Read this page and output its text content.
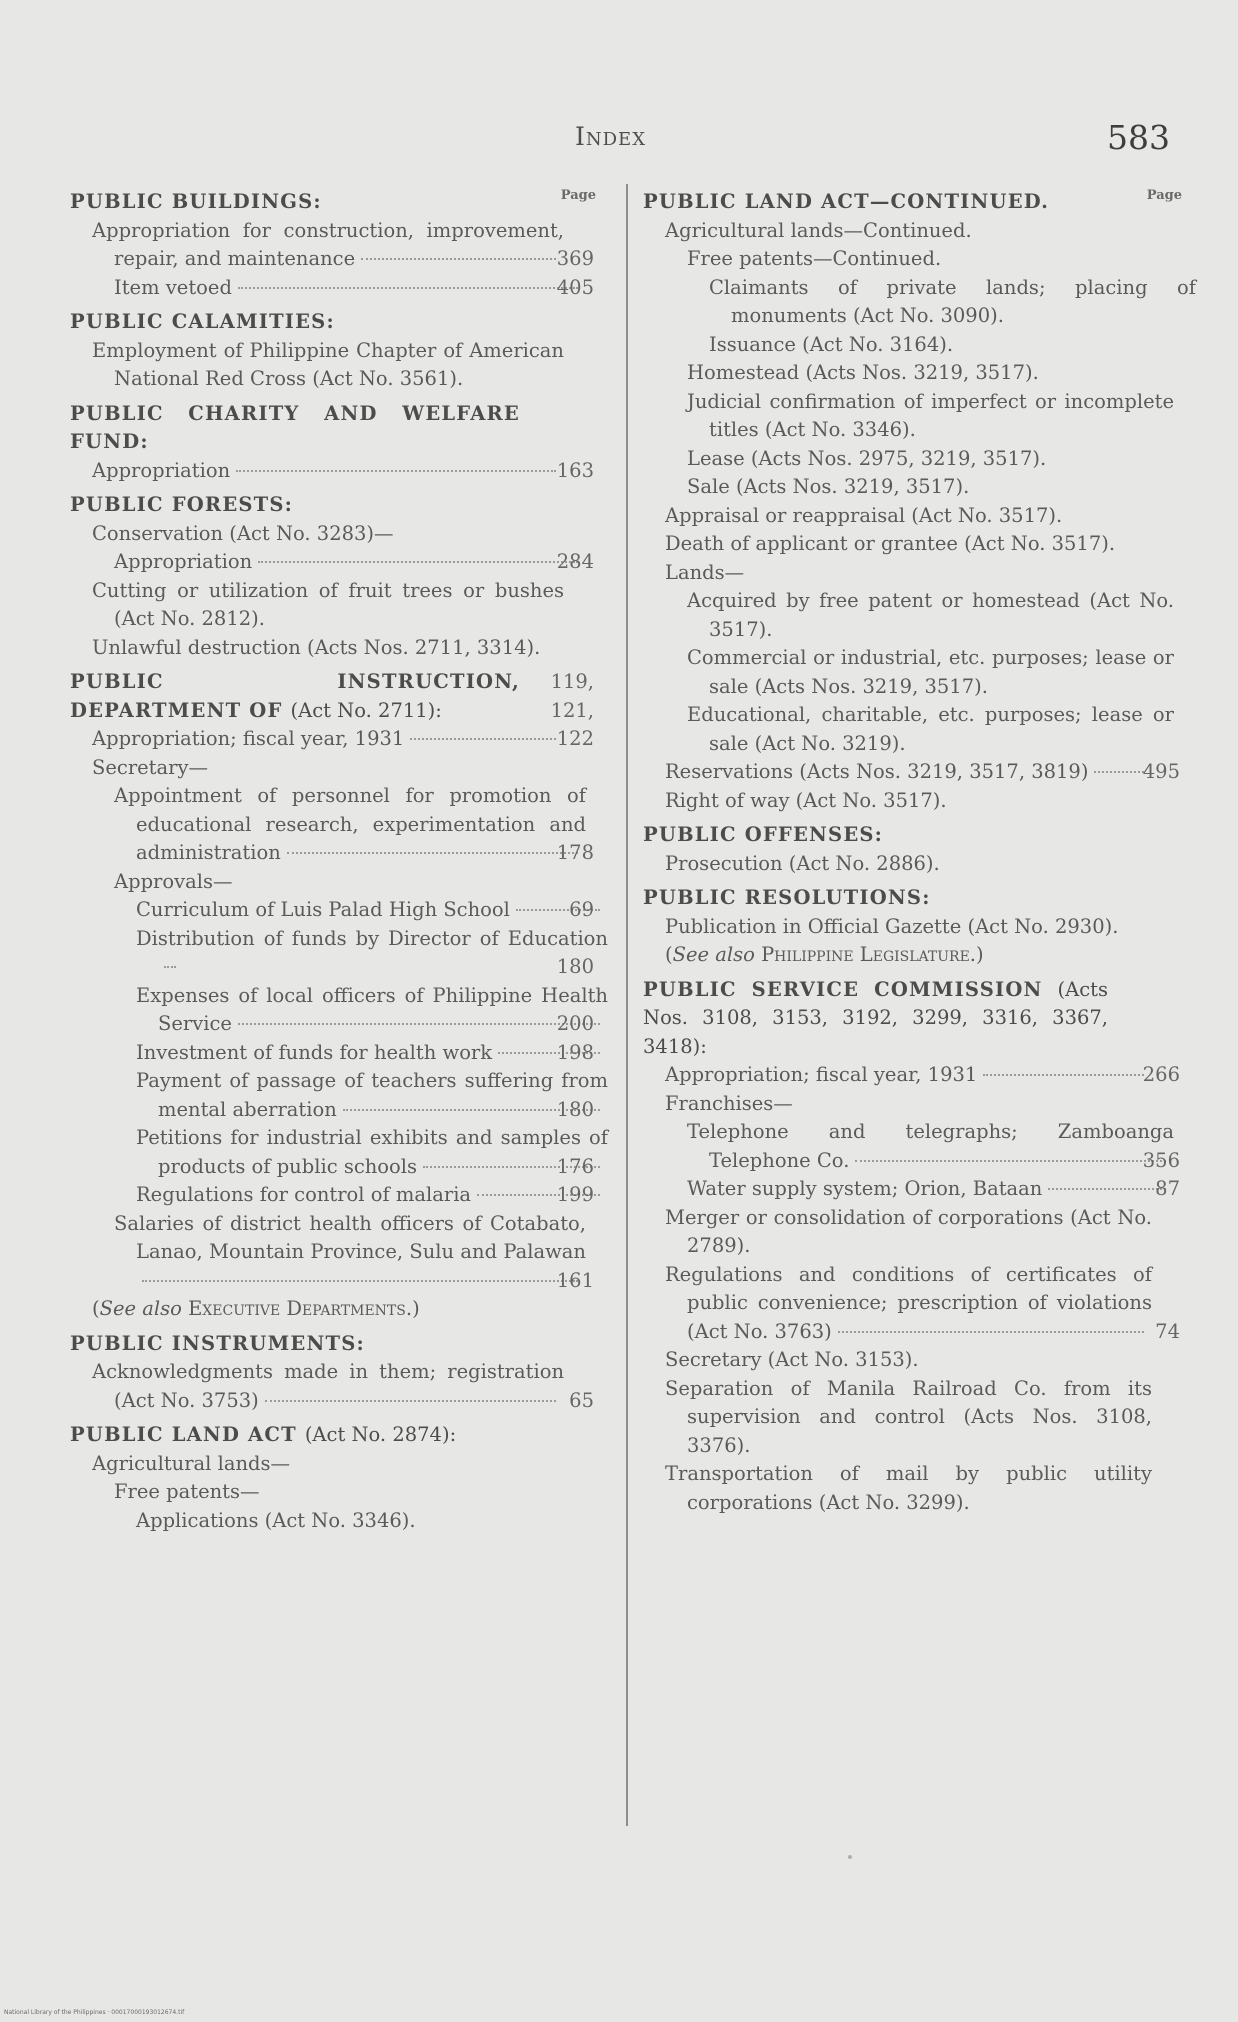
Index	583
Page
PUBLIC BUILDINGS:
369
Appropriation for construction, improvement, repair, and maintenance
405
Item vetoed
PUBLIC CALAMITIES:
Employment of Philippine Chapter of American National Red Cross (Act No. 3561).
PUBLIC CHARITY AND WELFARE FUND:
163
Appropriation
PUBLIC FORESTS:
Conservation (Act No. 3283)—
284
Appropriation
Cutting or utilization of fruit trees or bushes (Act No. 2812).
Unlawful destruction (Acts Nos. 2711, 3314).
PUBLIC INSTRUCTION, DEPARTMENT OF (Act No. 2711):
119, 121, 122
Appropriation; fiscal year, 1931
Secretary—
178
Appointment of personnel for promotion of educational research, experimentation and administration
Approvals—
69
Curriculum of Luis Palad High School
180
Distribution of funds by Director of Education
200
Expenses of local officers of Philippine Health Service
198
Investment of funds for health work
180
Payment of passage of teachers suffering from mental aberration
176
Petitions for industrial exhibits and samples of products of public schools
199
Regulations for control of malaria
161
Salaries of district health officers of Cotabato, Lanao, Mountain Province, Sulu and Palawan
(See also Executive Departments.)
PUBLIC INSTRUMENTS:
65
Acknowledgments made in them; registration (Act No. 3753)
PUBLIC LAND ACT (Act No. 2874):
Agricultural lands—
Free patents—
Applications (Act No. 3346).
Page
PUBLIC LAND ACT—CONTINUED.
Agricultural lands—Continued.
Free patents—Continued.
Claimants of private lands; placing of monuments (Act No. 3090).
Issuance (Act No. 3164).
Homestead (Acts Nos. 3219, 3517).
Judicial confirmation of imperfect or incomplete titles (Act No. 3346).
Lease (Acts Nos. 2975, 3219, 3517).
Sale (Acts Nos. 3219, 3517).
Appraisal or reappraisal (Act No. 3517).
Death of applicant or grantee (Act No. 3517).
Lands—
Acquired by free patent or homestead (Act No. 3517).
Commercial or industrial, etc. purposes; lease or sale (Acts Nos. 3219, 3517).
Educational, charitable, etc. purposes; lease or sale (Act No. 3219).
495
Reservations (Acts Nos. 3219, 3517, 3819)
Right of way (Act No. 3517).
PUBLIC OFFENSES:
Prosecution (Act No. 2886).
PUBLIC RESOLUTIONS:
Publication in Official Gazette (Act No. 2930).
(See also Philippine Legislature.)
PUBLIC SERVICE COMMISSION (Acts Nos. 3108, 3153, 3192, 3299, 3316, 3367, 3418):
266
Appropriation; fiscal year, 1931
Franchises—
356
Telephone and telegraphs; Zamboanga Telephone Co.
87
Water supply system; Orion, Bataan
Merger or consolidation of corporations (Act No. 2789).
74
Regulations and conditions of certificates of public convenience; prescription of violations (Act No. 3763)
Secretary (Act No. 3153).
Separation of Manila Railroad Co. from its supervision and control (Acts Nos. 3108, 3376).
Transportation of mail by public utility corporations (Act No. 3299).
National Library of the Philippines · 00017000193012674.tif
